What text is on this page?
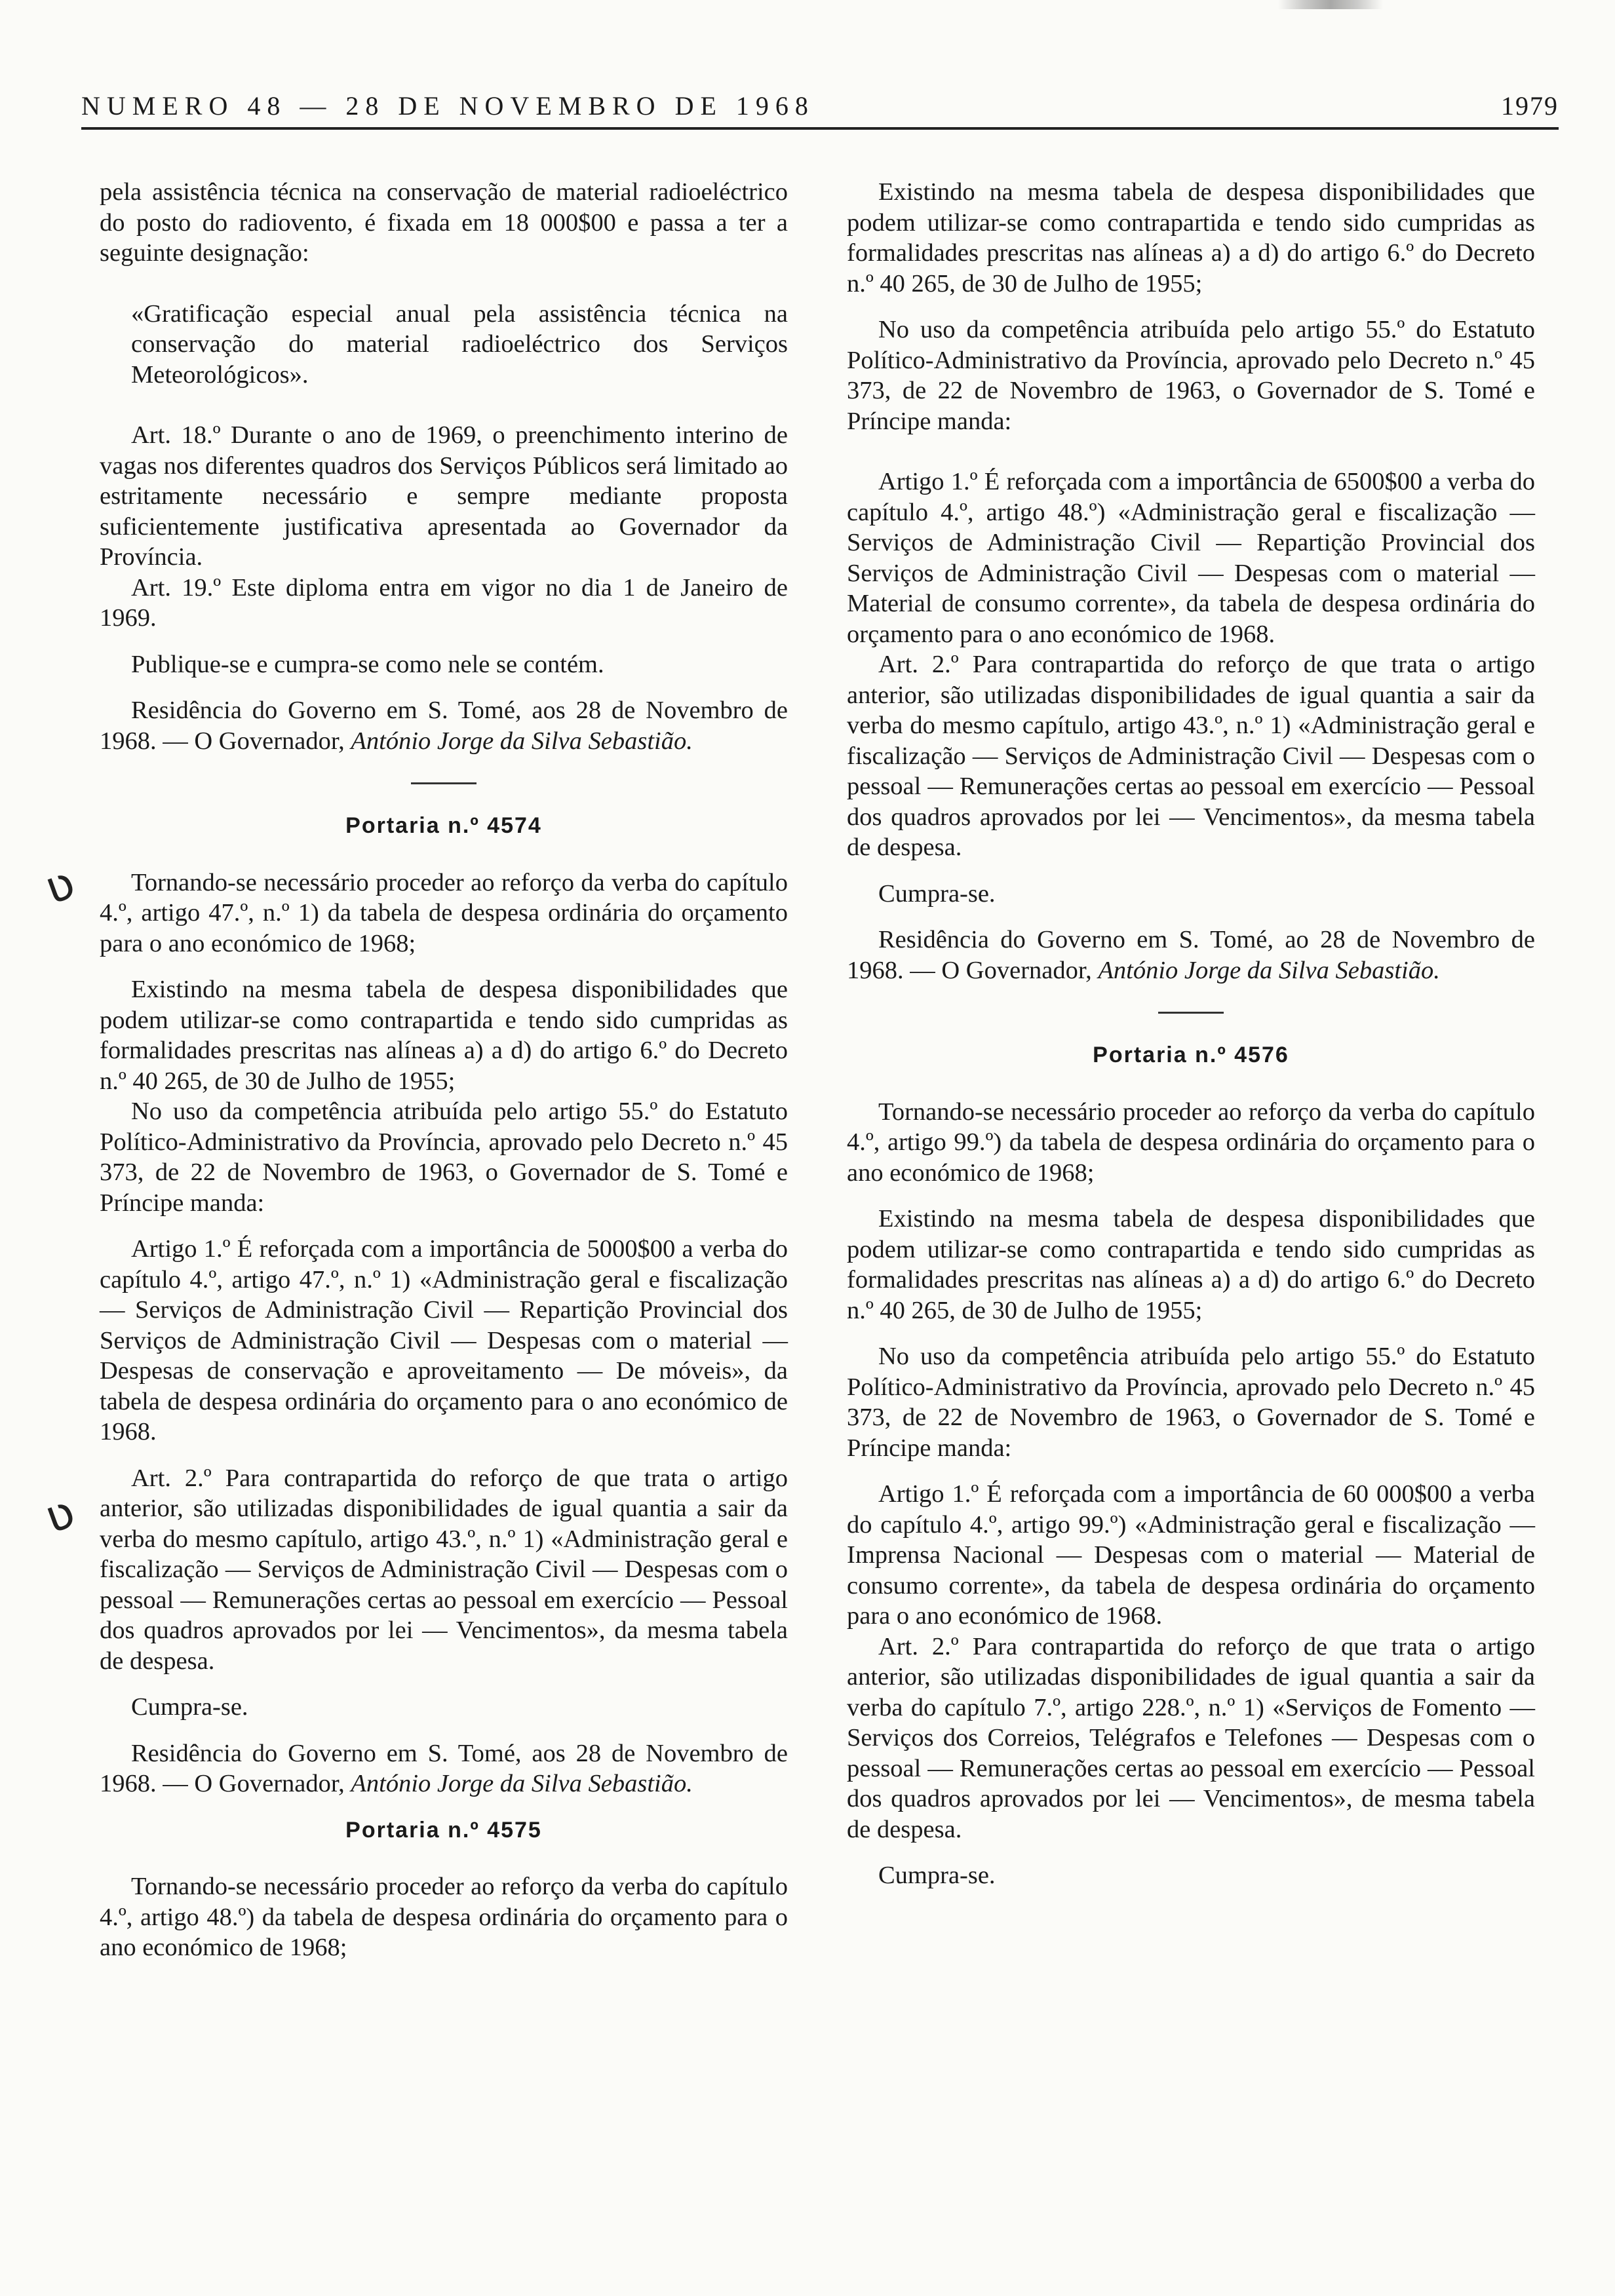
NUMERO 48 — 28 DE NOVEMBRO DE 1968	1979
ʋ
ʋ

pela assistência técnica na conservação de material radioeléctrico do posto do radiovento, é fixada em 18 000$00 e passa a ter a seguinte designação:

«Gratificação especial anual pela assistência técnica na conservação do material radioeléctrico dos Serviços Meteorológicos».

Art. 18.º Durante o ano de 1969, o preenchimento interino de vagas nos diferentes quadros dos Serviços Públicos será limitado ao estritamente necessário e sempre mediante proposta suficientemente justificativa apresentada ao Governador da Província.

Art. 19.º Este diploma entra em vigor no dia 1 de Janeiro de 1969.

Publique-se e cumpra-se como nele se contém.

Residência do Governo em S. Tomé, aos 28 de Novembro de 1968. — O Governador, António Jorge da Silva Sebastião.

Portaria n.º 4574

Tornando-se necessário proceder ao reforço da verba do capítulo 4.º, artigo 47.º, n.º 1) da tabela de despesa ordinária do orçamento para o ano económico de 1968;

Existindo na mesma tabela de despesa disponibilidades que podem utilizar-se como contrapartida e tendo sido cumpridas as formalidades prescritas nas alíneas a) a d) do artigo 6.º do Decreto n.º 40 265, de 30 de Julho de 1955;

No uso da competência atribuída pelo artigo 55.º do Estatuto Político-Administrativo da Província, aprovado pelo Decreto n.º 45 373, de 22 de Novembro de 1963, o Governador de S. Tomé e Príncipe manda:

Artigo 1.º É reforçada com a importância de 5000$00 a verba do capítulo 4.º, artigo 47.º, n.º 1) «Administração geral e fiscalização — Serviços de Administração Civil — Repartição Provincial dos Serviços de Administração Civil — Despesas com o material — Despesas de conservação e aproveitamento — De móveis», da tabela de despesa ordinária do orçamento para o ano económico de 1968.

Art. 2.º Para contrapartida do reforço de que trata o artigo anterior, são utilizadas disponibilidades de igual quantia a sair da verba do mesmo capítulo, artigo 43.º, n.º 1) «Administração geral e fiscalização — Serviços de Administração Civil — Despesas com o pessoal — Remunerações certas ao pessoal em exercício — Pessoal dos quadros aprovados por lei — Vencimentos», da mesma tabela de despesa.

Cumpra-se.

Residência do Governo em S. Tomé, aos 28 de Novembro de 1968. — O Governador, António Jorge da Silva Sebastião.

Portaria n.º 4575

Tornando-se necessário proceder ao reforço da verba do capítulo 4.º, artigo 48.º) da tabela de despesa ordinária do orçamento para o ano económico de 1968;

Existindo na mesma tabela de despesa disponibilidades que podem utilizar-se como contrapartida e tendo sido cumpridas as formalidades prescritas nas alíneas a) a d) do artigo 6.º do Decreto n.º 40 265, de 30 de Julho de 1955;

No uso da competência atribuída pelo artigo 55.º do Estatuto Político-Administrativo da Província, aprovado pelo Decreto n.º 45 373, de 22 de Novembro de 1963, o Governador de S. Tomé e Príncipe manda:

Artigo 1.º É reforçada com a importância de 6500$00 a verba do capítulo 4.º, artigo 48.º) «Administração geral e fiscalização — Serviços de Administração Civil — Repartição Provincial dos Serviços de Administração Civil — Despesas com o material — Material de consumo corrente», da tabela de despesa ordinária do orçamento para o ano económico de 1968.

Art. 2.º Para contrapartida do reforço de que trata o artigo anterior, são utilizadas disponibilidades de igual quantia a sair da verba do mesmo capítulo, artigo 43.º, n.º 1) «Administração geral e fiscalização — Serviços de Administração Civil — Despesas com o pessoal — Remunerações certas ao pessoal em exercício — Pessoal dos quadros aprovados por lei — Vencimentos», da mesma tabela de despesa.

Cumpra-se.

Residência do Governo em S. Tomé, ao 28 de Novembro de 1968. — O Governador, António Jorge da Silva Sebastião.

Portaria n.º 4576

Tornando-se necessário proceder ao reforço da verba do capítulo 4.º, artigo 99.º) da tabela de despesa ordinária do orçamento para o ano económico de 1968;

Existindo na mesma tabela de despesa disponibilidades que podem utilizar-se como contrapartida e tendo sido cumpridas as formalidades prescritas nas alíneas a) a d) do artigo 6.º do Decreto n.º 40 265, de 30 de Julho de 1955;

No uso da competência atribuída pelo artigo 55.º do Estatuto Político-Administrativo da Província, aprovado pelo Decreto n.º 45 373, de 22 de Novembro de 1963, o Governador de S. Tomé e Príncipe manda:

Artigo 1.º É reforçada com a importância de 60 000$00 a verba do capítulo 4.º, artigo 99.º) «Administração geral e fiscalização — Imprensa Nacional — Despesas com o material — Material de consumo corrente», da tabela de despesa ordinária do orçamento para o ano económico de 1968.

Art. 2.º Para contrapartida do reforço de que trata o artigo anterior, são utilizadas disponibilidades de igual quantia a sair da verba do capítulo 7.º, artigo 228.º, n.º 1) «Serviços de Fomento — Serviços dos Correios, Telégrafos e Telefones — Despesas com o pessoal — Remunerações certas ao pessoal em exercício — Pessoal dos quadros aprovados por lei — Vencimentos», de mesma tabela de despesa.

Cumpra-se.
